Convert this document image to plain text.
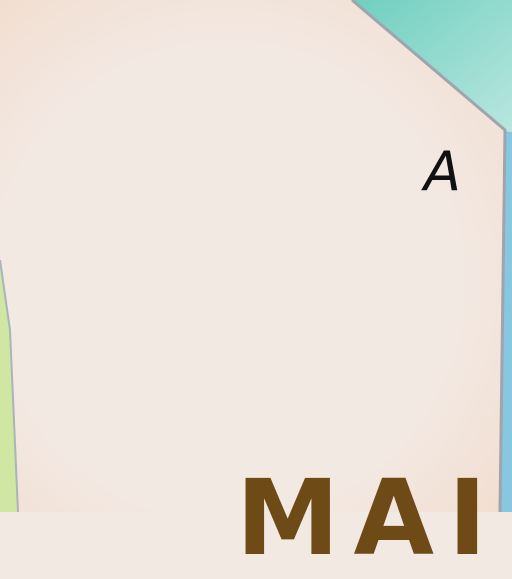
A
MAI
